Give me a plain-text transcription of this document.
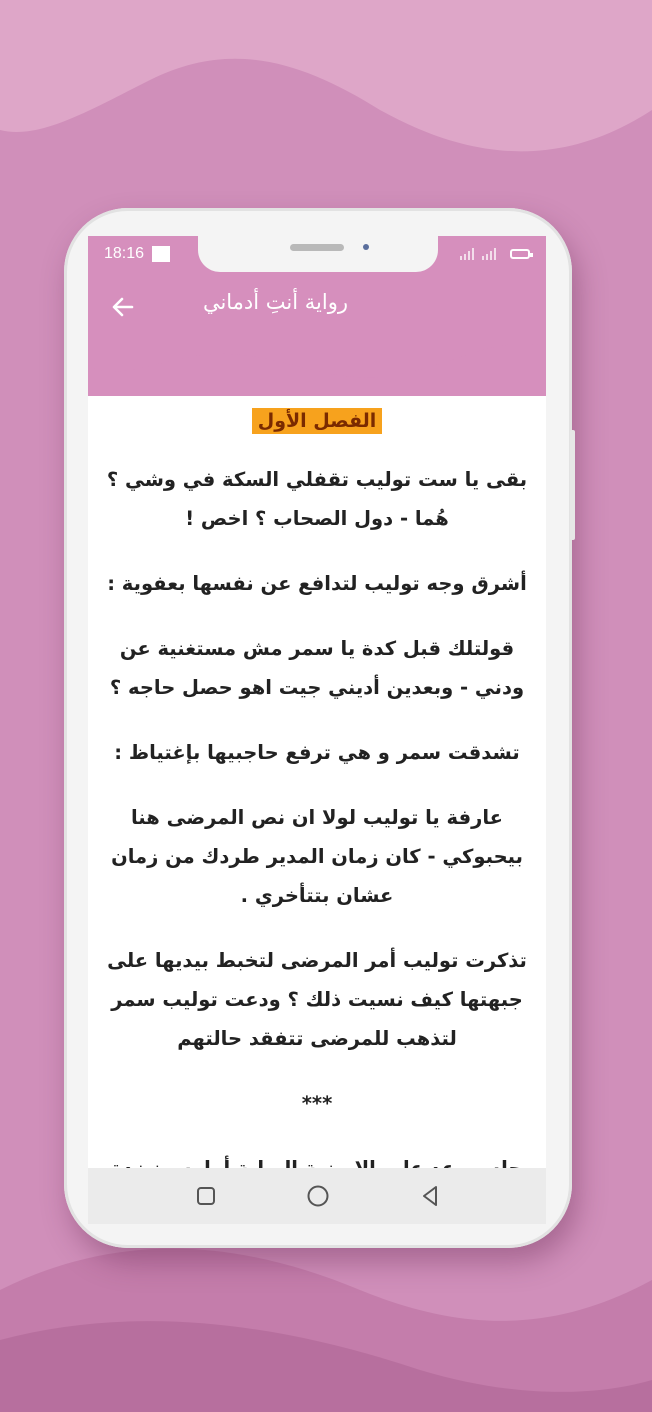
18:16
رواية أنتِ أدماني
الفصل الأول

بقى يا ست توليب تقفلي السكة في وشي ؟ هُما - دول الصحاب ؟ اخص !

أشرق وجه توليب لتدافع عن نفسها بعفوية :

قولتلك قبل كدة يا سمر مش مستغنية عن ودني - وبعدين أديني جيت اهو حصل حاجه ؟

تشدقت سمر و هي ترفع حاجبيها بإغتياظ :

عارفة يا توليب لولا ان نص المرضى هنا بيحبوكي - كان زمان المدير طردك من زمان عشان بتتأخري .

تذكرت توليب أمر المرضى لتخبط بيديها على جبهتها كيف نسيت ذلك ؟ ودعت توليب سمر لتذهب للمرضى تتفقد حالتهم

***
